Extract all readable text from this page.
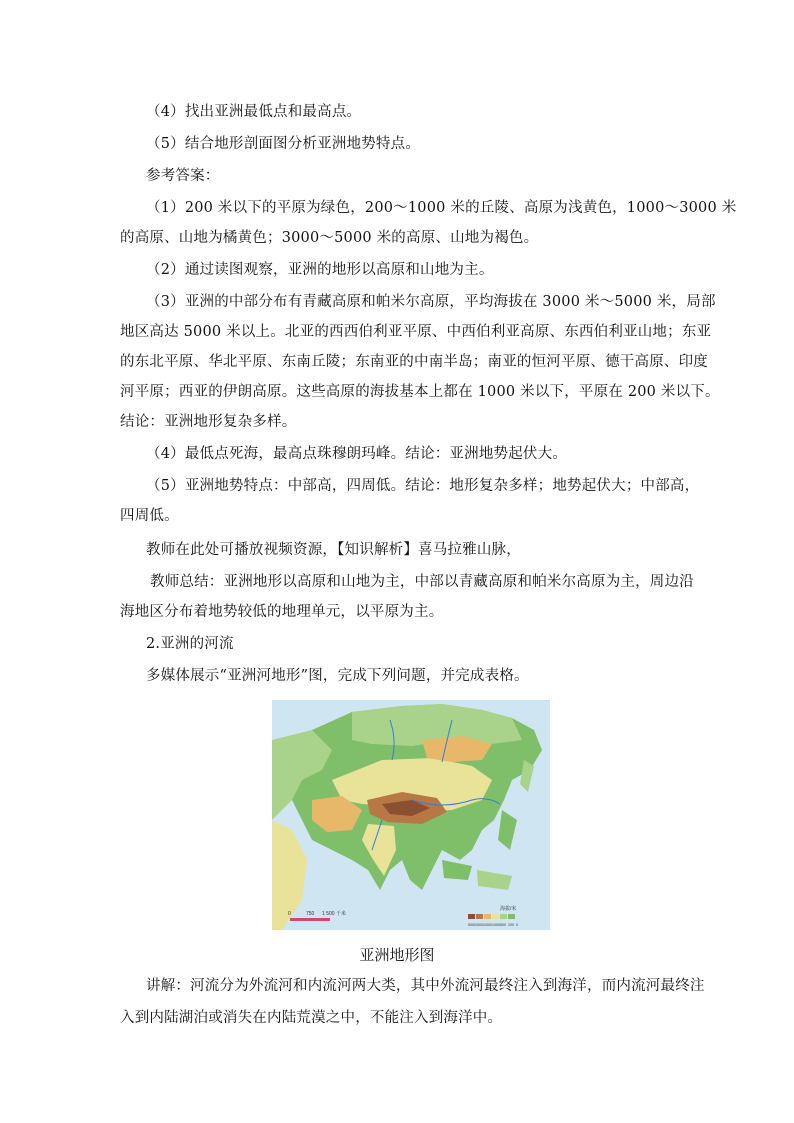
（4）找出亚洲最低点和最高点。
（5）结合地形剖面图分析亚洲地势特点。
参考答案：
（1）200 米以下的平原为绿色，200～1000 米的丘陵、高原为浅黄色，1000～3000 米
的高原、山地为橘黄色；3000～5000 米的高原、山地为褐色。
（2）通过读图观察，亚洲的地形以高原和山地为主。
（3）亚洲的中部分布有青藏高原和帕米尔高原，平均海拔在 3000 米～5000 米，局部
地区高达 5000 米以上。北亚的西西伯利亚平原、中西伯利亚高原、东西伯利亚山地；东亚
的东北平原、华北平原、东南丘陵；东南亚的中南半岛；南亚的恒河平原、德干高原、印度
河平原；西亚的伊朗高原。这些高原的海拔基本上都在 1000 米以下，平原在 200 米以下。
结论：亚洲地形复杂多样。
（4）最低点死海，最高点珠穆朗玛峰。结论：亚洲地势起伏大。
（5）亚洲地势特点：中部高，四周低。结论：地形复杂多样；地势起伏大；中部高，
四周低。
教师在此处可播放视频资源，【知识解析】喜马拉雅山脉，
教师总结：亚洲地形以高原和山地为主，中部以青藏高原和帕米尔高原为主，周边沿
海地区分布着地势较低的地理单元，以平原为主。
2.亚洲的河流
多媒体展示“亚洲河地形”图，完成下列问题，并完成表格。
0	750 1 500 千米
海拔/米
5000 3000 2000 1000 500 200 0
亚洲地形图
讲解：河流分为外流河和内流河两大类，其中外流河最终注入到海洋，而内流河最终注
入到内陆湖泊或消失在内陆荒漠之中，不能注入到海洋中。
